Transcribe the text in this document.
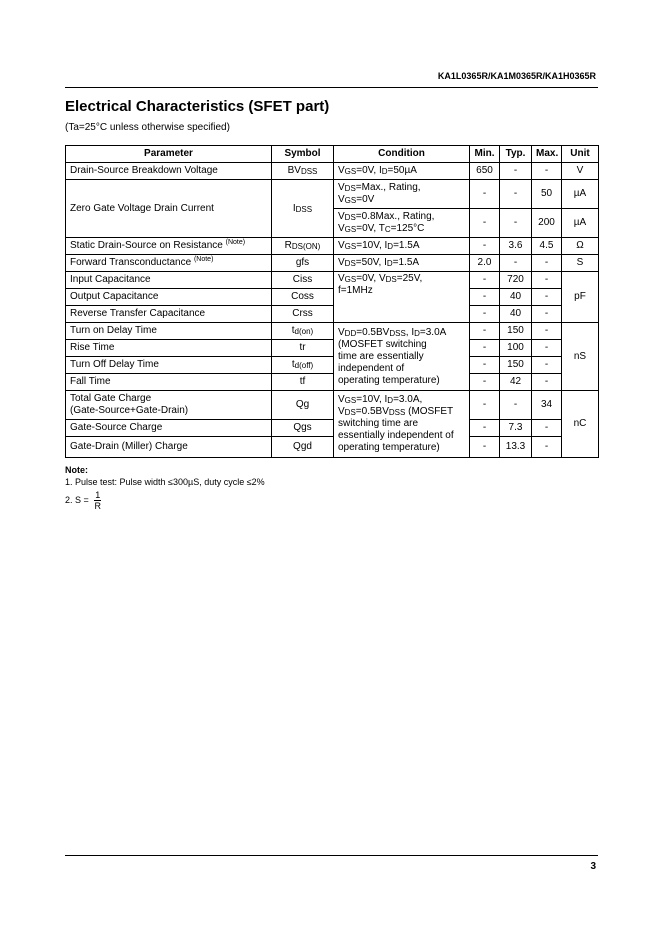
KA1L0365R/KA1M0365R/KA1H0365R
Electrical Characteristics (SFET part)
(Ta=25°C unless otherwise specified)
Parameter	Symbol	Condition	Min.	Typ.	Max.	Unit
Drain-Source Breakdown Voltage	$BV_{DSS}$	$V_{GS}=0V$, $I_D=50\mu A$	650	-	-	V
Zero Gate Voltage Drain Current	$I_{DSS}$	$V_{DS}=Max$., Rating,
$V_{GS}=0V$	-	-	50	µA
		$V_{DS}=0.8Max$., Rating,
$V_{GS}=0V$, $T_C=125^\circ C$	-	-	200	µA
Static Drain-Source on Resistance $^{(Note)}$	$R_{DS(ON)}$	$V_{GS}=10V$, $I_D=1.5A$	-	3.6	4.5	Ω
Forward Transconductance $^{(Note)}$	gfs	$V_{DS}=50V$, $I_D=1.5A$	2.0	-	-	S
Input Capacitance	Ciss	$V_{GS}=0V$, $V_{DS}=25V$,
f=1MHz	-	720	-	pF
Output Capacitance	Coss		-	40	-	
Reverse Transfer Capacitance	Crss		-	40	-	
Turn on Delay Time	$t_{d(on)}$	$V_{DD}=0.5BV_{DSS}$, $I_D=3.0A$
(MOSFET switching
time are essentially
independent of
operating temperature)	-	150	-	nS
Rise Time	tr		-	100	-	
Turn Off Delay Time	$t_{d(off)}$		-	150	-	
Fall Time	tf		-	42	-	
Total Gate Charge
(Gate-Source+Gate-Drain)	Qg	$V_{GS}=10V$, $I_D=3.0A$,
$V_{DS}=0.5BV_{DSS}$ (MOSFET
switching time are
essentially independent of
operating temperature)	-	-	34	nC
Gate-Source Charge	Qgs		-	7.3	-	
Gate-Drain (Miller) Charge	Qgd		-	13.3	-	
Note:
1. Pulse test: Pulse width ≤300µS, duty cycle ≤2%
2. $S = \frac{1}{R}$
3
